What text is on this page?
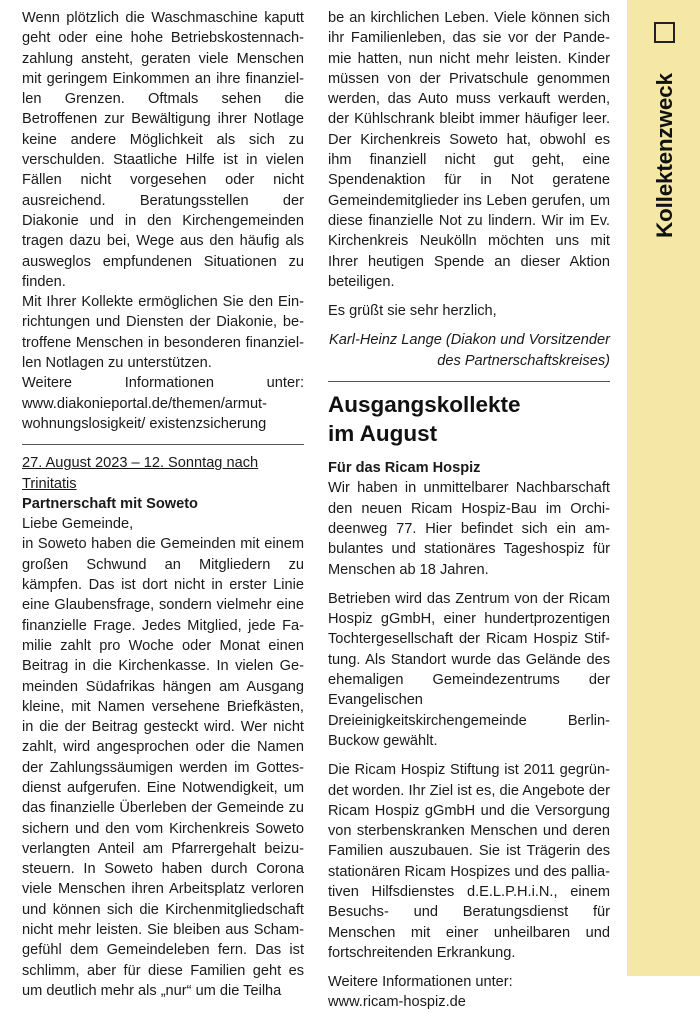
Wenn plötzlich die Waschmaschine kaputt geht oder eine hohe Betriebskostennachzahlung ansteht, geraten viele Menschen mit geringem Einkommen an ihre finanziellen Grenzen. Oftmals sehen die Betroffenen zur Bewältigung ihrer Notlage keine andere Möglichkeit als sich zu verschulden. Staatliche Hilfe ist in vielen Fällen nicht vorgesehen oder nicht ausreichend. Beratungsstellen der Diakonie und in den Kirchengemeinden tragen dazu bei, Wege aus den häufig als ausweglos empfundenen Situationen zu finden.

Mit Ihrer Kollekte ermöglichen Sie den Einrichtungen und Diensten der Diakonie, betroffene Menschen in besonderen finanziellen Notlagen zu unterstützen.

Weitere Informationen unter: www.diakonieportal.de/themen/armut-wohnungslosigkeit/ existenzsicherung

27. August 2023 – 12. Sonntag nach Trinitatis

Partnerschaft mit Soweto

Liebe Gemeinde,

in Soweto haben die Gemeinden mit einem großen Schwund an Mitgliedern zu kämpfen. Das ist dort nicht in erster Linie eine Glaubensfrage, sondern vielmehr eine finanzielle Frage. Jedes Mitglied, jede Familie zahlt pro Woche oder Monat einen Beitrag in die Kirchenkasse. In vielen Gemeinden Südafrikas hängen am Ausgang kleine, mit Namen versehene Briefkästen, in die der Beitrag gesteckt wird. Wer nicht zahlt, wird angesprochen oder die Namen der Zahlungssäumigen werden im Gottesdienst aufgerufen. Eine Notwendigkeit, um das finanzielle Überleben der Gemeinde zu sichern und den vom Kirchenkreis Soweto verlangten Anteil am Pfarrergehalt beizusteuern. In Soweto haben durch Corona viele Menschen ihren Arbeitsplatz verloren und können sich die Kirchenmitgliedschaft nicht mehr leisten. Sie bleiben aus Schamgefühl dem Gemeindeleben fern. Das ist schlimm, aber für diese Familien geht es um deutlich mehr als „nur“ um die Teilha

be an kirchlichen Leben. Viele können sich ihr Familienleben, das sie vor der Pandemie hatten, nun nicht mehr leisten. Kinder müssen von der Privatschule genommen werden, das Auto muss verkauft werden, der Kühlschrank bleibt immer häufiger leer. Der Kirchenkreis Soweto hat, obwohl es ihm finanziell nicht gut geht, eine Spendenaktion für in Not geratene Gemeindemitglieder ins Leben gerufen, um diese finanzielle Not zu lindern. Wir im Ev. Kirchenkreis Neukölln möchten uns mit Ihrer heutigen Spende an dieser Aktion beteiligen.

Es grüßt sie sehr herzlich,

Karl-Heinz Lange (Diakon und Vorsitzender des Partnerschaftskreises)

Ausgangskollekte
im August

Für das Ricam Hospiz

Wir haben in unmittelbarer Nachbarschaft den neuen Ricam Hospiz-Bau im Orchideenweg 77. Hier befindet sich ein ambulantes und stationäres Tageshospiz für Menschen ab 18 Jahren.

Betrieben wird das Zentrum von der Ricam Hospiz gGmbH, einer hundertprozentigen Tochtergesellschaft der Ricam Hospiz Stiftung. Als Standort wurde das Gelände des ehemaligen Gemeindezentrums der Evangelischen Dreieinigkeitskirchengemeinde Berlin-Buckow gewählt.

Die Ricam Hospiz Stiftung ist 2011 gegründet worden. Ihr Ziel ist es, die Angebote der Ricam Hospiz gGmbH und die Versorgung von sterbenskranken Menschen und deren Familien auszubauen. Sie ist Trägerin des stationären Ricam Hospizes und des palliativen Hilfsdienstes d.E.L.P.H.i.N., einem Besuchs- und Beratungsdienst für Menschen mit einer unheilbaren und fortschreitenden Erkrankung.

Weitere Informationen unter:

www.ricam-hospiz.de

Kollektenzweck
